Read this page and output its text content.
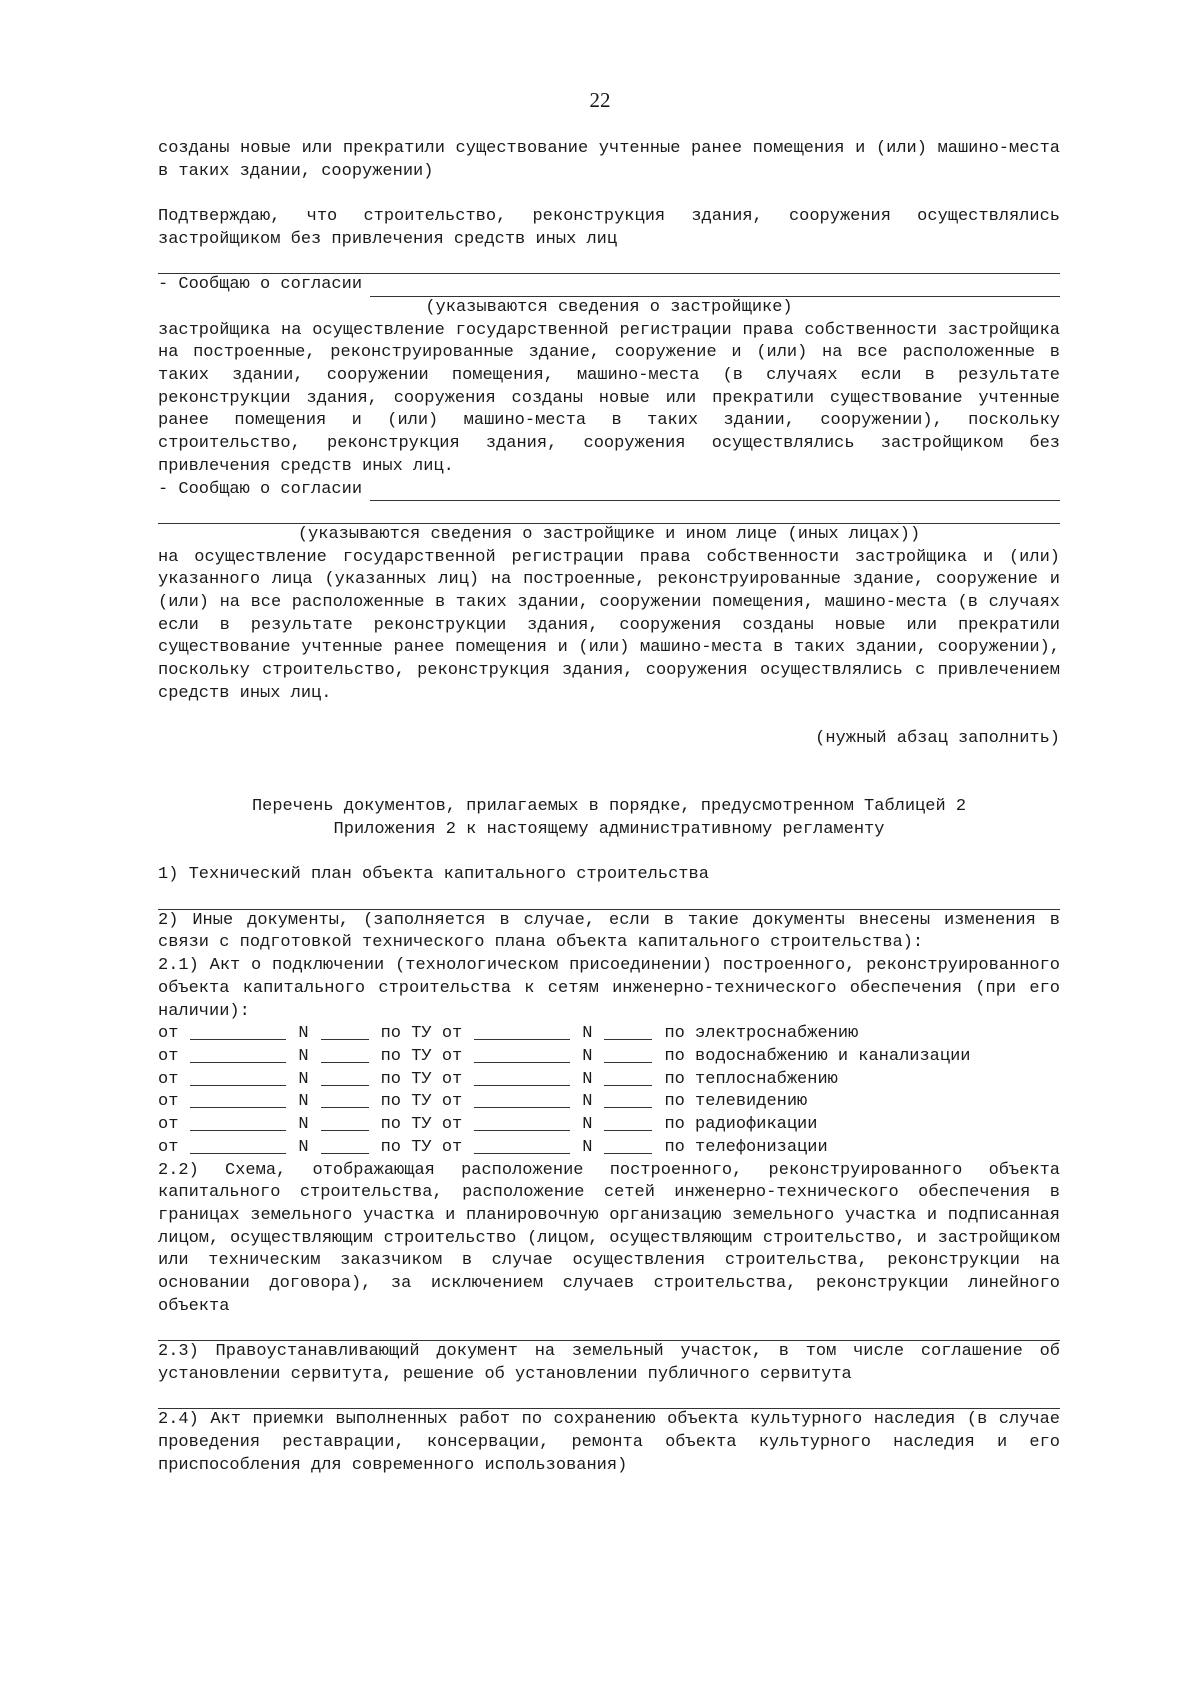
22

созданы новые или прекратили существование учтенные ранее помещения и (или) машино-места в таких здании, сооружении)

Подтверждаю, что строительство, реконструкция здания, сооружения осуществлялись застройщиком без привлечения средств иных лиц

- Сообщаю о согласии
(указываются сведения о застройщике)

застройщика на осуществление государственной регистрации права собственности застройщика на построенные, реконструированные здание, сооружение и (или) на все расположенные в таких здании, сооружении помещения, машино-места (в случаях если в результате реконструкции здания, сооружения созданы новые или прекратили существование учтенные ранее помещения и (или) машино-места в таких здании, сооружении), поскольку строительство, реконструкция здания, сооружения осуществлялись застройщиком без привлечения средств иных лиц.

- Сообщаю о согласии
(указываются сведения о застройщике и ином лице (иных лицах))

на осуществление государственной регистрации права собственности застройщика и (или) указанного лица (указанных лиц) на построенные, реконструированные здание, сооружение и (или) на все расположенные в таких здании, сооружении помещения, машино-места (в случаях если в результате реконструкции здания, сооружения созданы новые или прекратили существование учтенные ранее помещения и (или) машино-места в таких здании, сооружении), поскольку строительство, реконструкция здания, сооружения осуществлялись с привлечением средств иных лиц.

(нужный абзац заполнить)
Перечень документов, прилагаемых в порядке, предусмотренном Таблицей 2
Приложения 2 к настоящему административному регламенту

1) Технический план объекта капитального строительства

2) Иные документы, (заполняется в случае, если в такие документы внесены изменения в связи с подготовкой технического плана объекта капитального строительства):

2.1) Акт о подключении (технологическом присоединении) построенного, реконструированного объекта капитального строительства к сетям инженерно-технического обеспечения (при его наличии):

от	N	по ТУ от	N	по электроснабжению
от	N	по ТУ от	N	по водоснабжению и канализации
от	N	по ТУ от	N	по теплоснабжению
от	N	по ТУ от	N	по телевидению
от	N	по ТУ от	N	по радиофикации
от	N	по ТУ от	N	по телефонизации

2.2) Схема, отображающая расположение построенного, реконструированного объекта капитального строительства, расположение сетей инженерно-технического обеспечения в границах земельного участка и планировочную организацию земельного участка и подписанная лицом, осуществляющим строительство (лицом, осуществляющим строительство, и застройщиком или техническим заказчиком в случае осуществления строительства, реконструкции на основании договора), за исключением случаев строительства, реконструкции линейного объекта

2.3) Правоустанавливающий документ на земельный участок, в том числе соглашение об установлении сервитута, решение об установлении публичного сервитута

2.4) Акт приемки выполненных работ по сохранению объекта культурного наследия (в случае проведения реставрации, консервации, ремонта объекта культурного наследия и его приспособления для современного использования)
